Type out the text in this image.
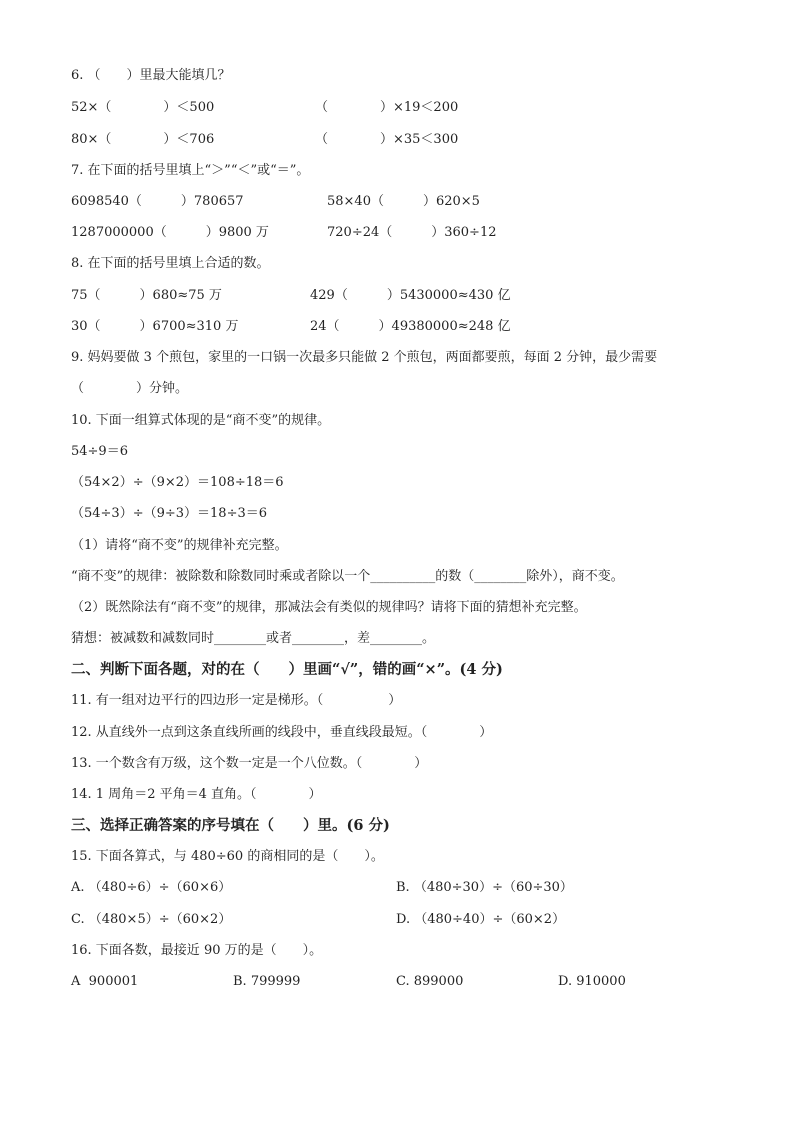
6. （　　）里最大能填几？
52×（　　　　）＜500	（　　　　）×19＜200
80×（　　　　）＜706	（　　　　）×35＜300
7. 在下面的括号里填上“＞”“＜”或“＝”。
6098540（　　　）780657	58×40（　　　）620×5
1287000000（　　　）9800 万	720÷24（　　　）360÷12
8. 在下面的括号里填上合适的数。
75（　　　）680≈75 万	429（　　　）5430000≈430 亿
30（　　　）6700≈310 万	24（　　　）49380000≈248 亿
9. 妈妈要做 3 个煎包，家里的一口锅一次最多只能做 2 个煎包，两面都要煎，每面 2 分钟，最少需要
（　　　　）分钟。
10. 下面一组算式体现的是“商不变”的规律。
54÷9＝6
（54×2）÷（9×2）＝108÷18＝6
（54÷3）÷（9÷3）＝18÷3＝6
（1）请将“商不变”的规律补充完整。
“商不变”的规律：被除数和除数同时乘或者除以一个__________的数（________除外），商不变。
（2）既然除法有“商不变”的规律，那减法会有类似的规律吗？请将下面的猜想补充完整。
猜想：被减数和减数同时________或者________，差________。
二、判断下面各题，对的在（　　）里画“√”，错的画“×”。(4 分)
11. 有一组对边平行的四边形一定是梯形。（　　　　　）
12. 从直线外一点到这条直线所画的线段中，垂直线段最短。（　　　　）
13. 一个数含有万级，这个数一定是一个八位数。（　　　　）
14. 1 周角＝2 平角＝4 直角。（　　　　）
三、选择正确答案的序号填在（　　）里。(6 分)
15. 下面各算式，与 480÷60 的商相同的是（　　）。
A. （480÷6）÷（60×6）	B. （480÷30）÷（60÷30）
C. （480×5）÷（60×2）	D. （480÷40）÷（60×2）
16. 下面各数，最接近 90 万的是（　　）。
A  900001	B. 799999	C. 899000	D. 910000
